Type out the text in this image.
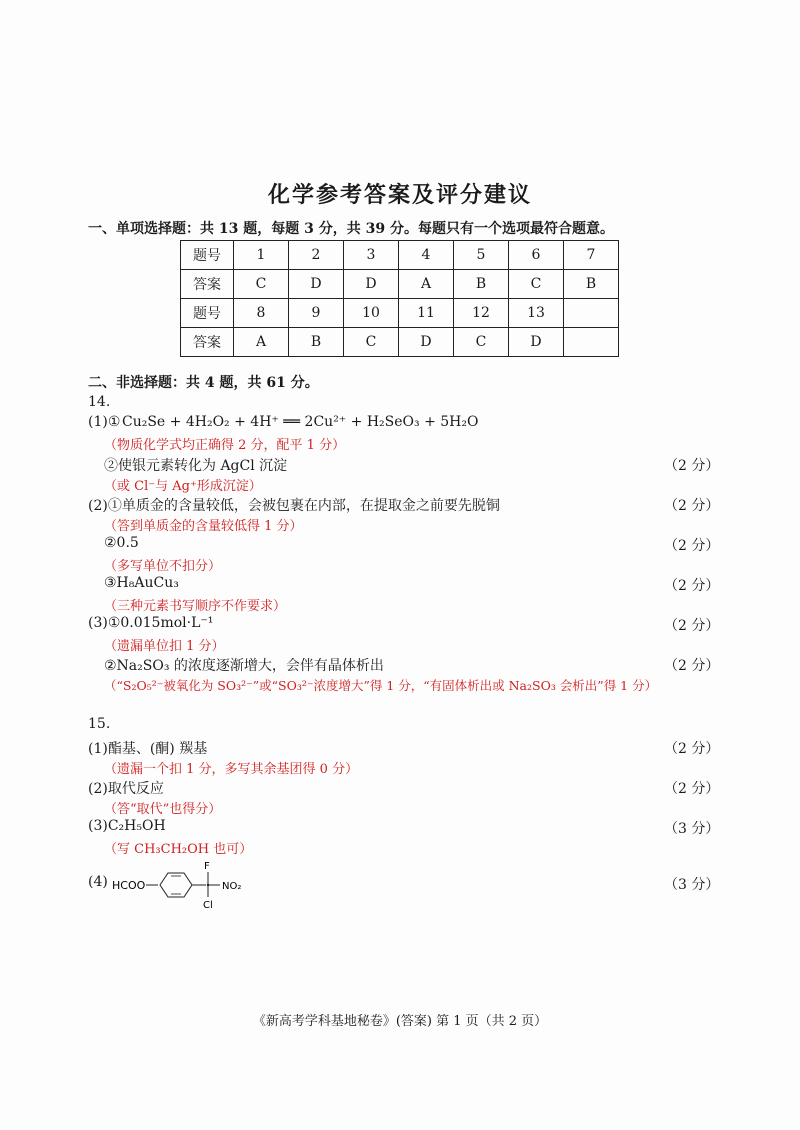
化学参考答案及评分建议
一、单项选择题：共 13 题，每题 3 分，共 39 分。每题只有一个选项最符合题意。
题号	1	2	3	4	5	6	7
答案	C	D	D	A	B	C	B
题号	8	9	10	11	12	13	
答案	A	B	C	D	C	D	
二、非选择题：共 4 题，共 61 分。
14.
(1)① Cu₂Se + 4H₂O₂ + 4H⁺ ══ 2Cu²⁺ + H₂SeO₃ + 5H₂O
（物质化学式均正确得 2 分，配平 1 分）
②使银元素转化为 AgCl 沉淀	（2 分）
（或 Cl⁻与 Ag⁺形成沉淀）
(2)①单质金的含量较低，会被包裹在内部，在提取金之前要先脱铜	（2 分）
（答到单质金的含量较低得 1 分）
②0.5	（2 分）
（多写单位不扣分）
③H₈AuCu₃	（2 分）
（三种元素书写顺序不作要求）
(3)①0.015mol·L⁻¹	（2 分）
（遗漏单位扣 1 分）
②Na₂SO₃ 的浓度逐渐增大，会伴有晶体析出	（2 分）
（“S₂O₅²⁻被氧化为 SO₃²⁻”或“SO₃²⁻浓度增大”得 1 分，“有固体析出或 Na₂SO₃ 会析出”得 1 分）
15.
(1)酯基、(酮) 羰基	（2 分）
（遗漏一个扣 1 分，多写其余基团得 0 分）
(2)取代反应	（2 分）
（答“取代”也得分）
(3)C₂H₅OH	（3 分）
（写 CH₃CH₂OH 也可）
(4)	（3 分）
HCOO
F
NO₂
Cl
《新高考学科基地秘卷》(答案) 第 1 页（共 2 页）
